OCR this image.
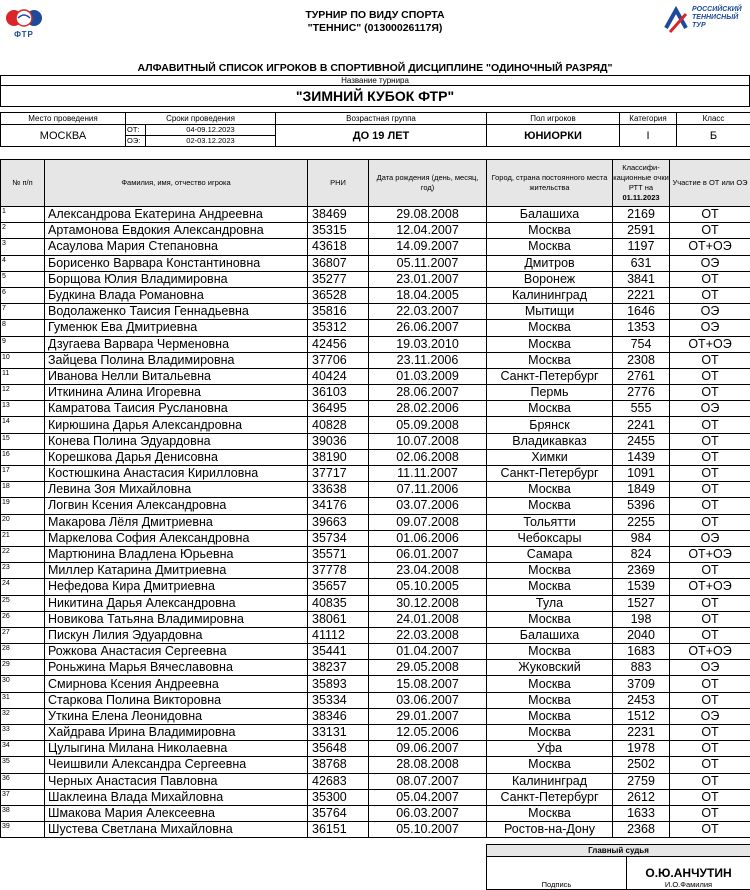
ФТР
РОССИЙСКИЙ
ТЕННИСНЫЙ
ТУР
ТУРНИР ПО ВИДУ СПОРТА
"ТЕННИС" (01300026117Я)
АЛФАВИТНЫЙ СПИСОК ИГРОКОВ В СПОРТИВНОЙ ДИСЦИПЛИНЕ "ОДИНОЧНЫЙ РАЗРЯД"
Название турнира
"ЗИМНИЙ КУБОК ФТР"
Место проведения	Сроки проведения		Возрастная группа	Пол игроков	Категория	Класс
МОСКВА	ОТ:	04-09.12.2023	ДО 19 ЛЕТ	ЮНИОРКИ	I	Б
	ОЭ:	02-03.12.2023				
№ п/п	Фамилия, имя, отчество игрока	РНИ	Дата рождения (день, месяц, год)	Город, страна постоянного места жительства	Классифи-кационные очки РТТ на
01.11.2023	Участие в ОТ или ОЭ
1	Александрова Екатерина Андреевна	38469	29.08.2008	Балашиха	2169	ОТ
2	Артамонова Евдокия Александровна	35315	12.04.2007	Москва	2591	ОТ
3	Асаулова Мария Степановна	43618	14.09.2007	Москва	1197	ОТ+ОЭ
4	Борисенко Варвара Константиновна	36807	05.11.2007	Дмитров	631	ОЭ
5	Борщова Юлия Владимировна	35277	23.01.2007	Воронеж	3841	ОТ
6	Будкина Влада Романовна	36528	18.04.2005	Калининград	2221	ОТ
7	Водолаженко Таисия Геннадьевна	35816	22.03.2007	Мытищи	1646	ОЭ
8	Гуменюк Ева Дмитриевна	35312	26.06.2007	Москва	1353	ОЭ
9	Дзугаева Варвара Черменовна	42456	19.03.2010	Москва	754	ОТ+ОЭ
10	Зайцева Полина Владимировна	37706	23.11.2006	Москва	2308	ОТ
11	Иванова Нелли Витальевна	40424	01.03.2009	Санкт-Петербург	2761	ОТ
12	Иткинина Алина Игоревна	36103	28.06.2007	Пермь	2776	ОТ
13	Камратова Таисия Руслановна	36495	28.02.2006	Москва	555	ОЭ
14	Кирюшина Дарья Александровна	40828	05.09.2008	Брянск	2241	ОТ
15	Конева Полина Эдуардовна	39036	10.07.2008	Владикавказ	2455	ОТ
16	Корешкова Дарья Денисовна	38190	02.06.2008	Химки	1439	ОТ
17	Костюшкина Анастасия Кирилловна	37717	11.11.2007	Санкт-Петербург	1091	ОТ
18	Левина Зоя Михайловна	33638	07.11.2006	Москва	1849	ОТ
19	Логвин Ксения Александровна	34176	03.07.2006	Москва	5396	ОТ
20	Макарова Лёля Дмитриевна	39663	09.07.2008	Тольятти	2255	ОТ
21	Маркелова София Александровна	35734	01.06.2006	Чебоксары	984	ОЭ
22	Мартюнина Владлена Юрьевна	35571	06.01.2007	Самара	824	ОТ+ОЭ
23	Миллер Катарина Дмитриевна	37778	23.04.2008	Москва	2369	ОТ
24	Нефедова Кира Дмитриевна	35657	05.10.2005	Москва	1539	ОТ+ОЭ
25	Никитина Дарья Александровна	40835	30.12.2008	Тула	1527	ОТ
26	Новикова Татьяна Владимировна	38061	24.01.2008	Москва	198	ОТ
27	Пискун Лилия Эдуардовна	41112	22.03.2008	Балашиха	2040	ОТ
28	Рожкова Анастасия Сергеевна	35441	01.04.2007	Москва	1683	ОТ+ОЭ
29	Роньжина Марья Вячеславовна	38237	29.05.2008	Жуковский	883	ОЭ
30	Смирнова Ксения Андреевна	35893	15.08.2007	Москва	3709	ОТ
31	Старкова Полина Викторовна	35334	03.06.2007	Москва	2453	ОТ
32	Уткина Елена Леонидовна	38346	29.01.2007	Москва	1512	ОЭ
33	Хайдрава Ирина Владимировна	33131	12.05.2006	Москва	2231	ОТ
34	Цулыгина Милана Николаевна	35648	09.06.2007	Уфа	1978	ОТ
35	Чеишвили Александра Сергеевна	38768	28.08.2008	Москва	2502	ОТ
36	Черных Анастасия Павловна	42683	08.07.2007	Калининград	2759	ОТ
37	Шаклеина Влада Михайловна	35300	05.04.2007	Санкт-Петербург	2612	ОТ
38	Шмакова Мария Алексеевна	35764	06.03.2007	Москва	1633	ОТ
39	Шустева Светлана Михайловна	36151	05.10.2007	Ростов-на-Дону	2368	ОТ
Главный судья
Подпись	
О.Ю.АНЧУТИН
И.О.Фамилия
